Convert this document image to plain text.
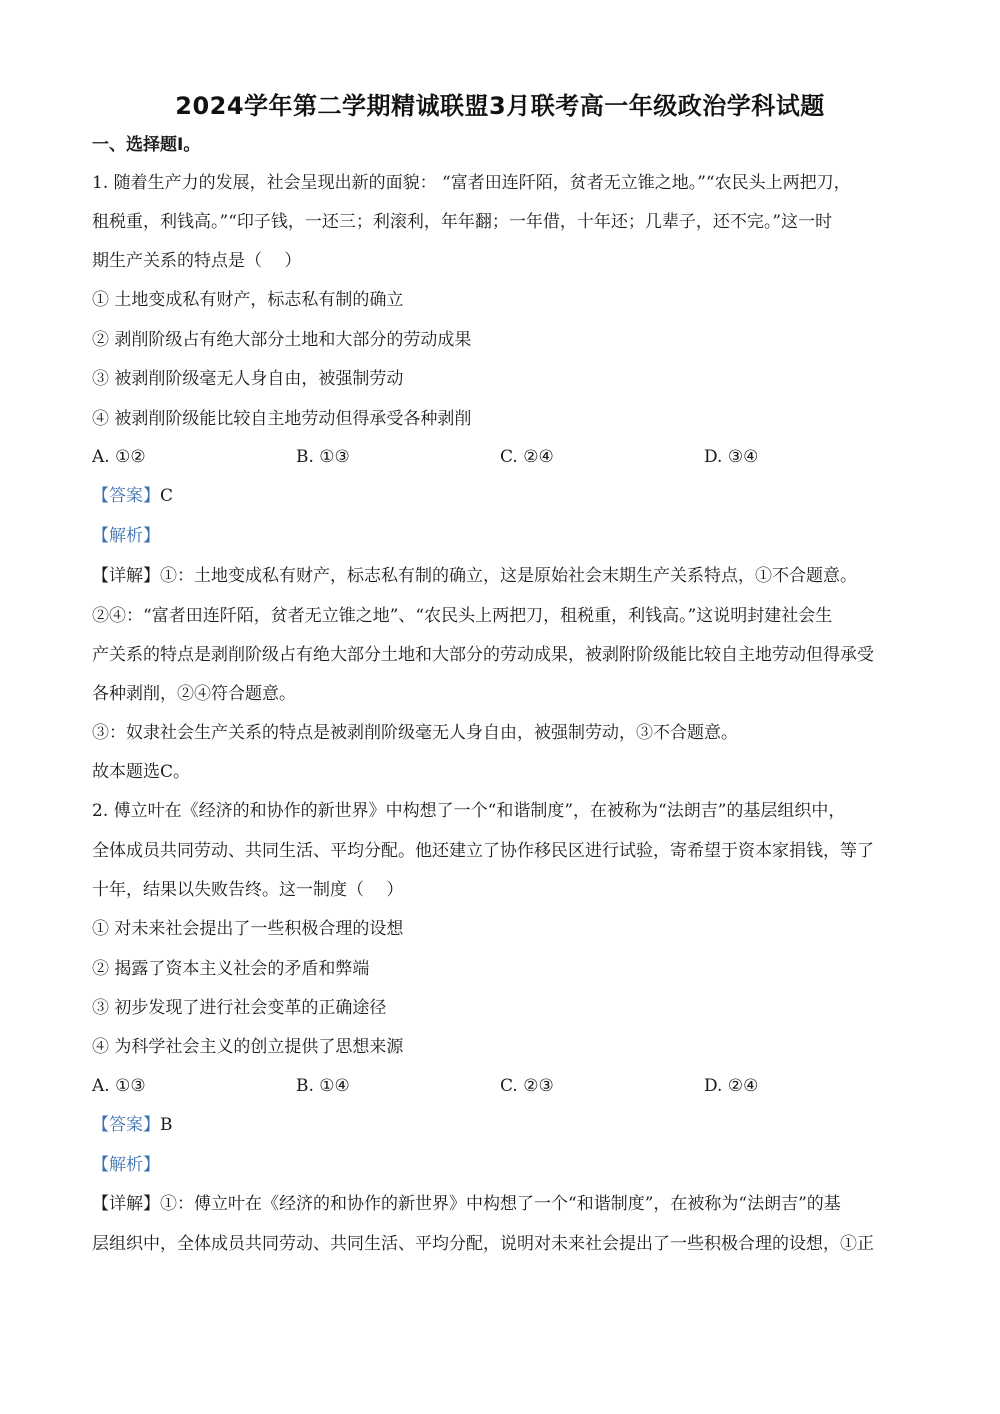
2024学年第二学期精诚联盟3月联考高一年级政治学科试题
一、选择题Ⅰ。
1. 随着生产力的发展，社会呈现出新的面貌： “富者田连阡陌，贫者无立锥之地。”“农民头上两把刀，
租税重，利钱高。”“印子钱，一还三；利滚利，年年翻；一年借，十年还；几辈子，还不完。”这一时
期生产关系的特点是（　 ）
① 土地变成私有财产，标志私有制的确立
② 剥削阶级占有绝大部分土地和大部分的劳动成果
③ 被剥削阶级毫无人身自由，被强制劳动
④ 被剥削阶级能比较自主地劳动但得承受各种剥削
A. ①②	B. ①③	C. ②④	D. ③④
【答案】C
【解析】
【详解】①：土地变成私有财产，标志私有制的确立，这是原始社会末期生产关系特点，①不合题意。
②④：“富者田连阡陌，贫者无立锥之地”、“农民头上两把刀，租税重，利钱高。”这说明封建社会生
产关系的特点是剥削阶级占有绝大部分土地和大部分的劳动成果，被剥附阶级能比较自主地劳动但得承受
各种剥削，②④符合题意。
③：奴隶社会生产关系的特点是被剥削阶级毫无人身自由，被强制劳动，③不合题意。
故本题选C。
2. 傅立叶在《经济的和协作的新世界》中构想了一个“和谐制度”，在被称为“法朗吉”的基层组织中，
全体成员共同劳动、共同生活、平均分配。他还建立了协作移民区进行试验，寄希望于资本家捐钱，等了
十年，结果以失败告终。这一制度（　 ）
① 对未来社会提出了一些积极合理的设想
② 揭露了资本主义社会的矛盾和弊端
③ 初步发现了进行社会变革的正确途径
④ 为科学社会主义的创立提供了思想来源
A. ①③	B. ①④	C. ②③	D. ②④
【答案】B
【解析】
【详解】①：傅立叶在《经济的和协作的新世界》中构想了一个“和谐制度”，在被称为“法朗吉”的基
层组织中，全体成员共同劳动、共同生活、平均分配，说明对未来社会提出了一些积极合理的设想，①正
